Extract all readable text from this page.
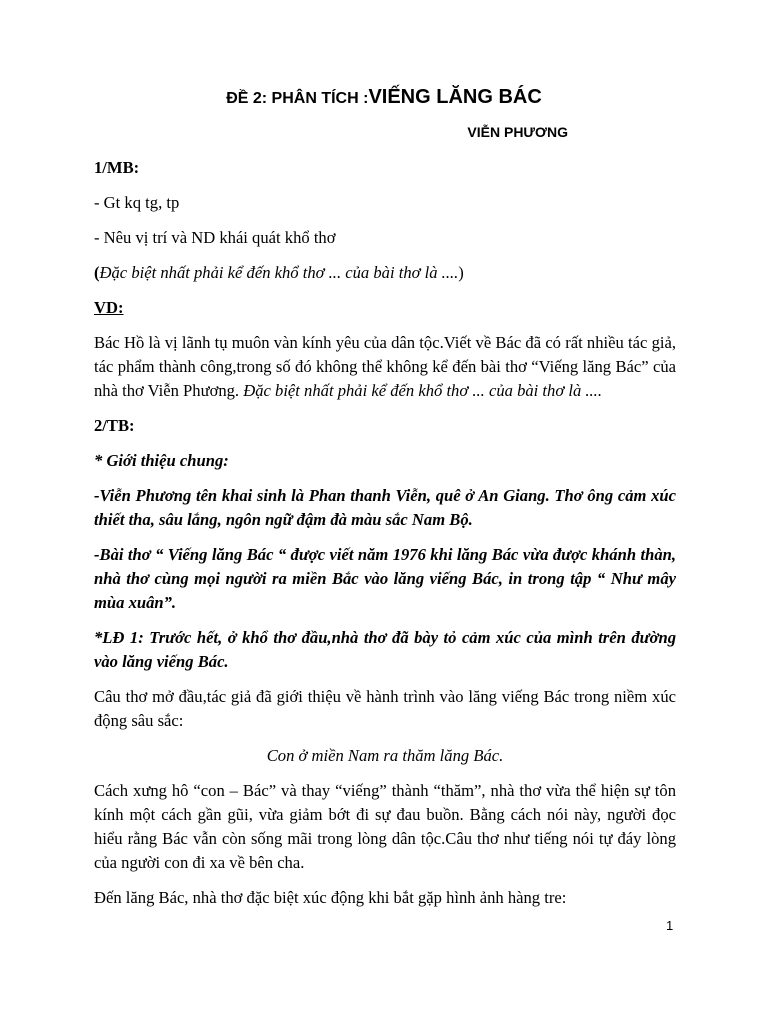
ĐỀ 2: PHÂN TÍCH :VIẾNG LĂNG BÁC
VIỄN PHƯƠNG

1/MB:

- Gt kq tg, tp

- Nêu vị trí và ND khái quát khổ thơ

(Đặc biệt nhất phải kể đến khổ thơ ... của bài thơ là ....)

VD:

Bác Hồ là vị lãnh tụ muôn vàn kính yêu của dân tộc.Viết về Bác đã có rất nhiều tác giả, tác phẩm thành công,trong số đó không thể không kể đến bài thơ “Viếng lăng Bác” của nhà thơ Viễn Phương. Đặc biệt nhất phải kể đến khổ thơ ... của bài thơ là ....

2/TB:

* Giới thiệu chung:

-Viễn Phương tên khai sinh là Phan thanh Viễn, quê ở An Giang. Thơ ông cảm xúc thiết tha, sâu lắng, ngôn ngữ đậm đà màu sắc Nam Bộ.

-Bài thơ “ Viếng lăng Bác “ được viết năm 1976 khi lăng Bác vừa được khánh thàn, nhà thơ cùng mọi người ra miền Bắc vào lăng viếng Bác, in trong tập “ Như mây mùa xuân”.

*LĐ 1: Trước hết, ở khổ thơ đầu,nhà thơ đã bày tỏ cảm xúc của mình trên đường vào lăng viếng Bác.

Câu thơ mở đầu,tác giả đã giới thiệu về hành trình vào lăng viếng Bác trong niềm xúc động sâu sắc:

Con ở miền Nam ra thăm lăng Bác.

Cách xưng hô “con – Bác” và thay “viếng” thành “thăm”, nhà thơ vừa thể hiện sự tôn kính một cách gần gũi, vừa giảm bớt đi sự đau buồn. Bằng cách nói này, người đọc hiểu rằng Bác vẫn còn sống mãi trong lòng dân tộc.Câu thơ như tiếng nói tự đáy lòng của người con đi xa về bên cha.

Đến lăng Bác, nhà thơ đặc biệt xúc động khi bắt gặp hình ảnh hàng tre:

1
